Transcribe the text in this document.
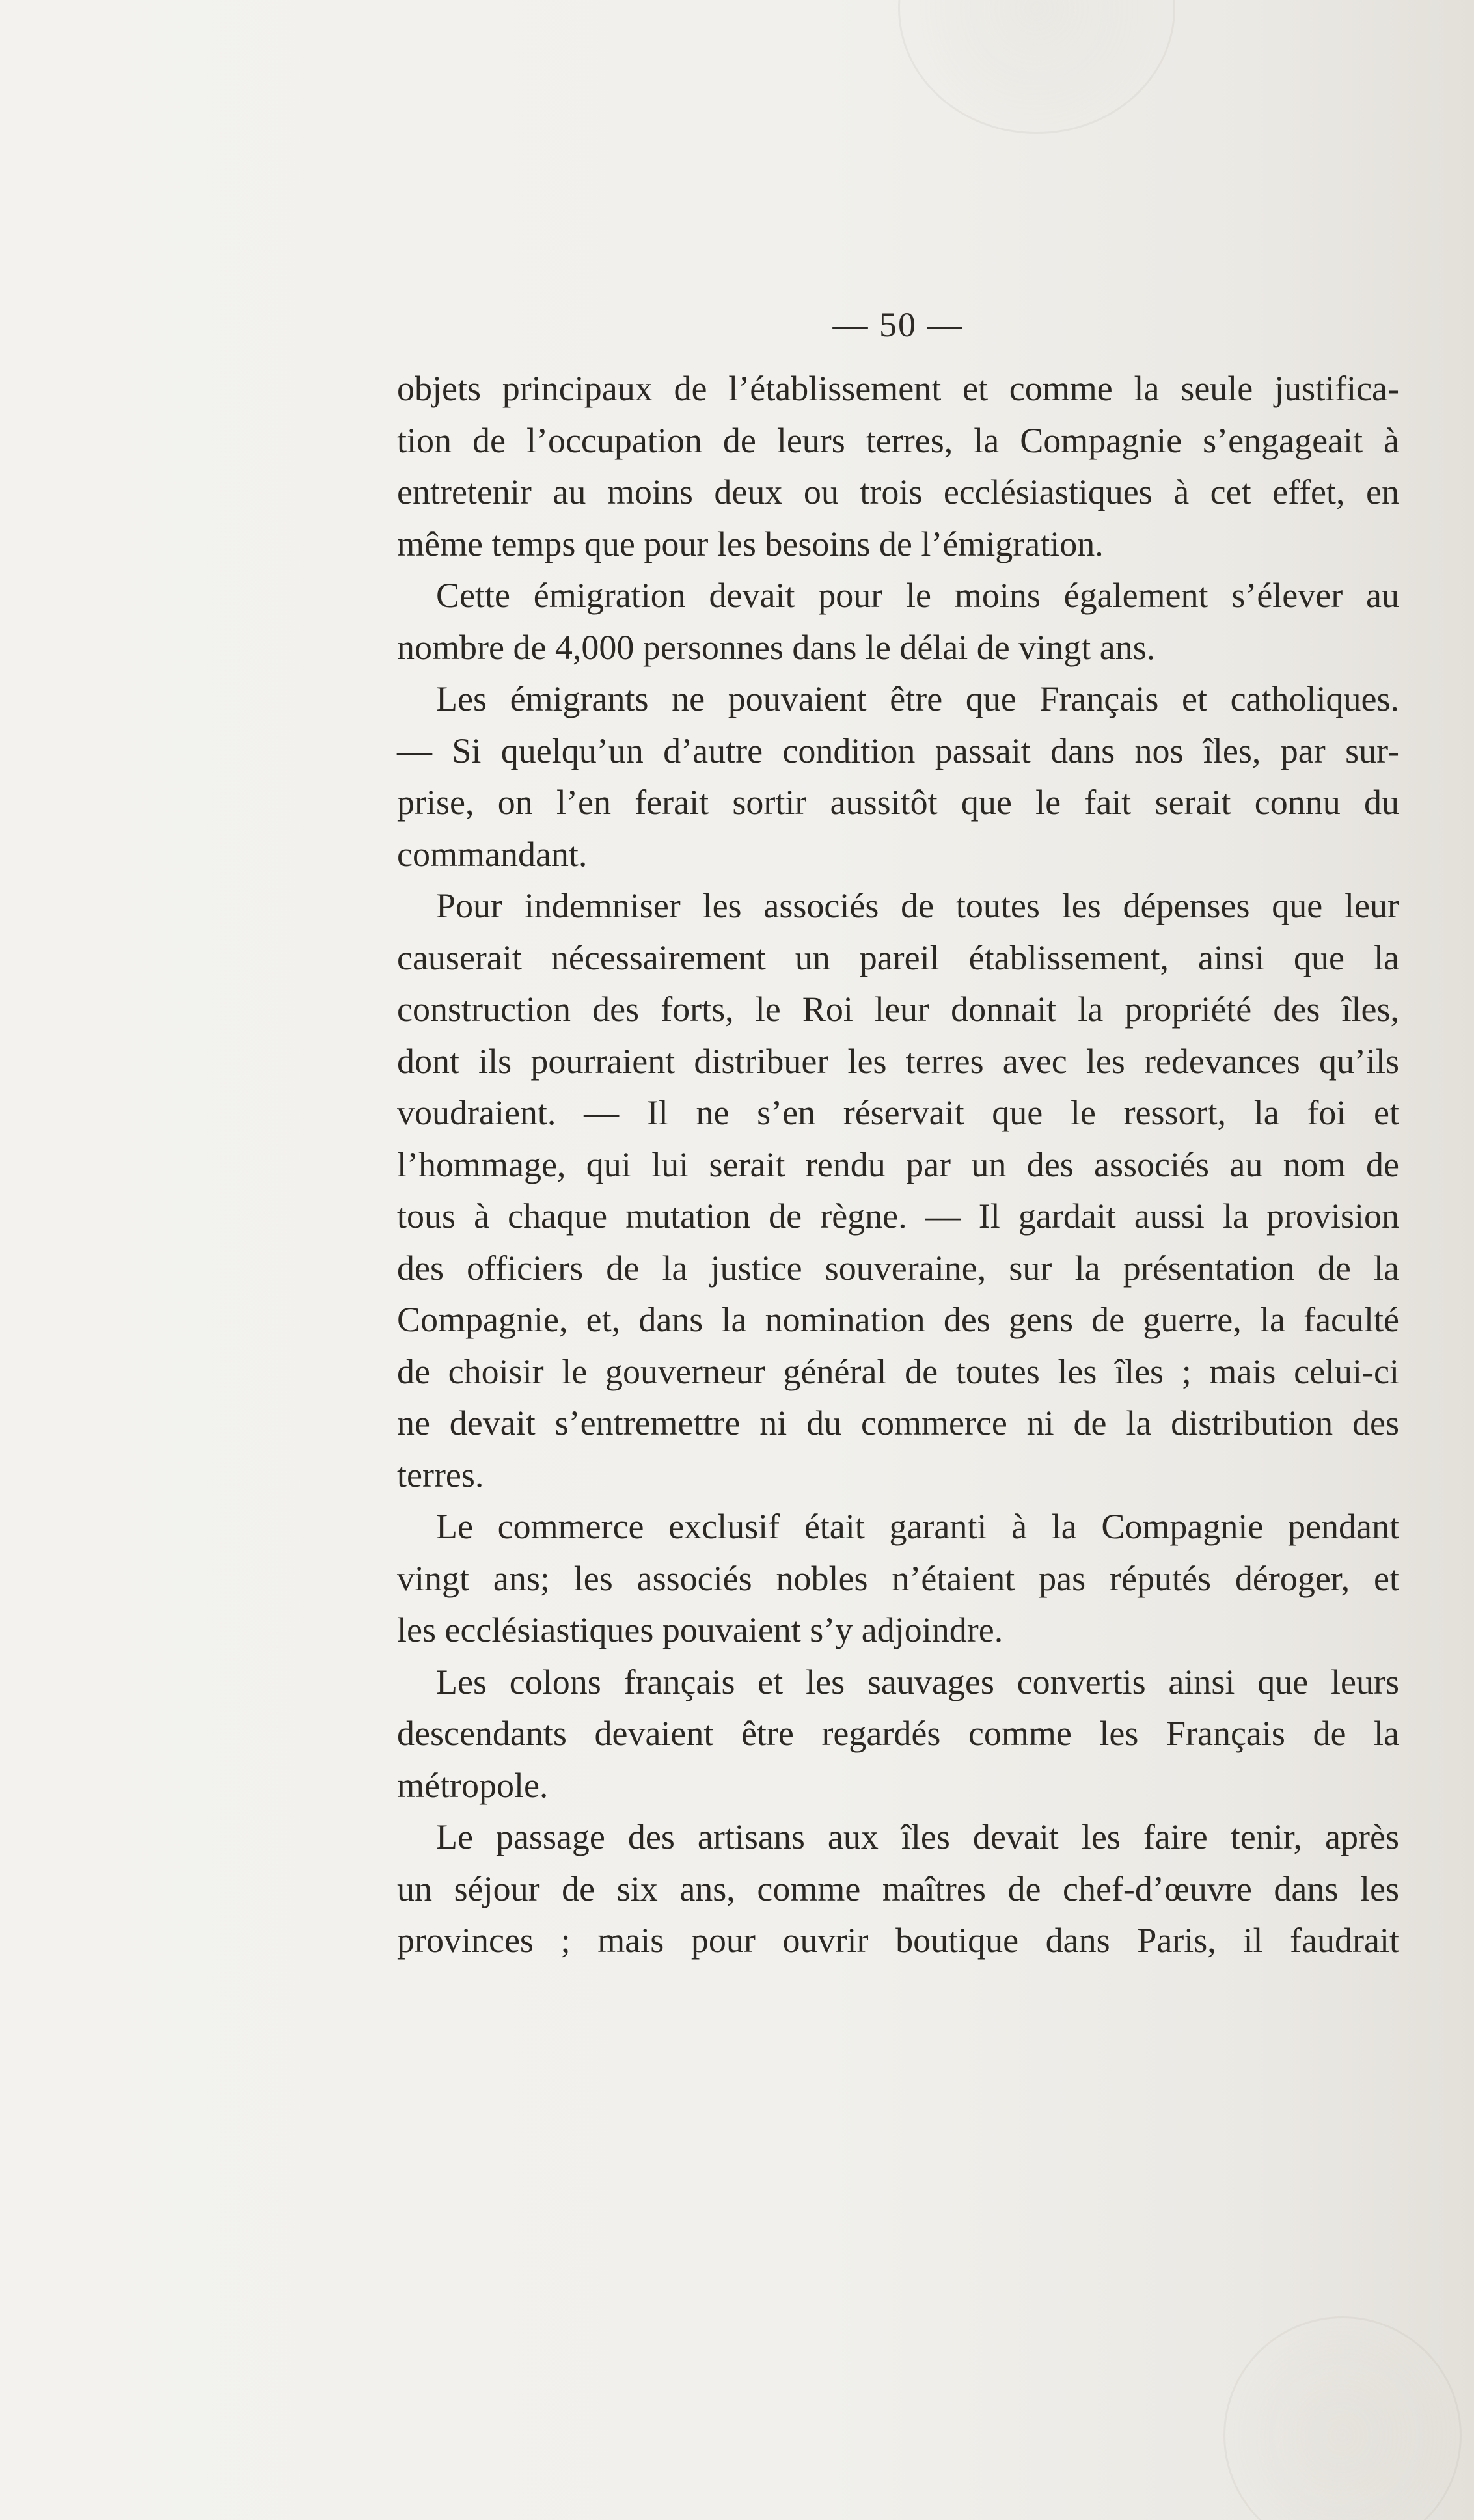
— 50 —
objets principaux de l’établissement et comme la seule justifica-
tion de l’occupation de leurs terres, la Compagnie s’engageait à
entretenir au moins deux ou trois ecclésiastiques à cet effet, en
même temps que pour les besoins de l’émigration.
Cette émigration devait pour le moins également s’élever au
nombre de 4,000 personnes dans le délai de vingt ans.
Les émigrants ne pouvaient être que Français et catholiques.
— Si quelqu’un d’autre condition passait dans nos îles, par sur-
prise, on l’en ferait sortir aussitôt que le fait serait connu du
commandant.
Pour indemniser les associés de toutes les dépenses que leur
causerait nécessairement un pareil établissement, ainsi que la
construction des forts, le Roi leur donnait la propriété des îles,
dont ils pourraient distribuer les terres avec les redevances qu’ils
voudraient. — Il ne s’en réservait que le ressort, la foi et
l’hommage, qui lui serait rendu par un des associés au nom de
tous à chaque mutation de règne. — Il gardait aussi la provision
des officiers de la justice souveraine, sur la présentation de la
Compagnie, et, dans la nomination des gens de guerre, la faculté
de choisir le gouverneur général de toutes les îles ; mais celui-ci
ne devait s’entremettre ni du commerce ni de la distribution des
terres.
Le commerce exclusif était garanti à la Compagnie pendant
vingt ans; les associés nobles n’étaient pas réputés déroger, et
les ecclésiastiques pouvaient s’y adjoindre.
Les colons français et les sauvages convertis ainsi que leurs
descendants devaient être regardés comme les Français de la
métropole.
Le passage des artisans aux îles devait les faire tenir, après
un séjour de six ans, comme maîtres de chef-d’œuvre dans les
provinces ; mais pour ouvrir boutique dans Paris, il faudrait
